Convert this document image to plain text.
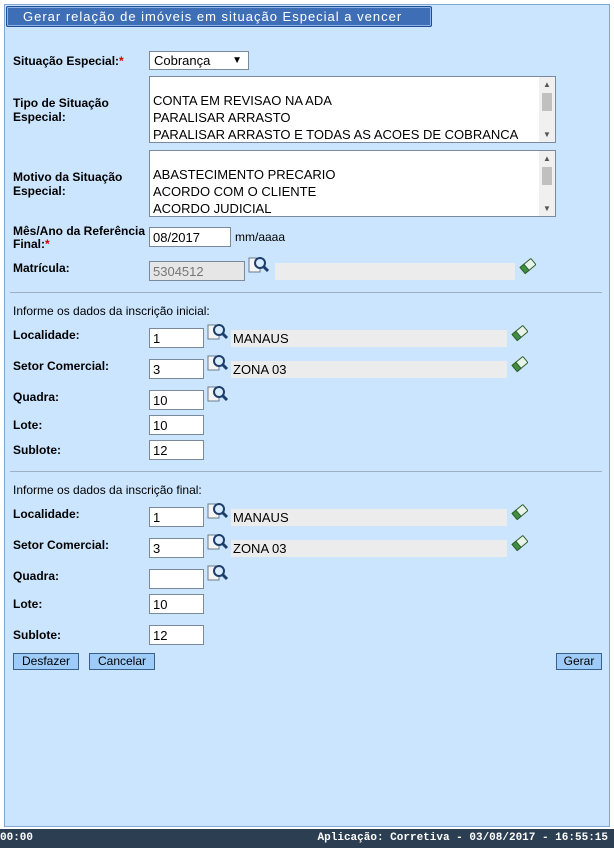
Gerar relação de imóveis em situação Especial a vencer
Situação Especial:*	Cobrança ▼
Tipo de Situação
Especial:
CONTA EM REVISAO NA ADA
PARALISAR ARRASTO
PARALISAR ARRASTO E TODAS AS ACOES DE COBRANCA
▲
▼
Motivo da Situação
Especial:
ABASTECIMENTO PRECARIO
ACORDO COM O CLIENTE
ACORDO JUDICIAL
▲
▼
Mês/Ano da Referência
Final:*
08/2017	mm/aaaa
Matrícula:
5304512
Informe os dados da inscrição inicial:
Localidade:
1	MANAUS
Setor Comercial:
3	ZONA 03
Quadra:
10
Lote:
10
Sublote:
12
Informe os dados da inscrição final:
Localidade:
1	MANAUS
Setor Comercial:
3	ZONA 03
Quadra:
Lote:
10
Sublote:
12
Desfazer	Cancelar	Gerar
00:00	Aplicação: Corretiva - 03/08/2017 - 16:55:15
